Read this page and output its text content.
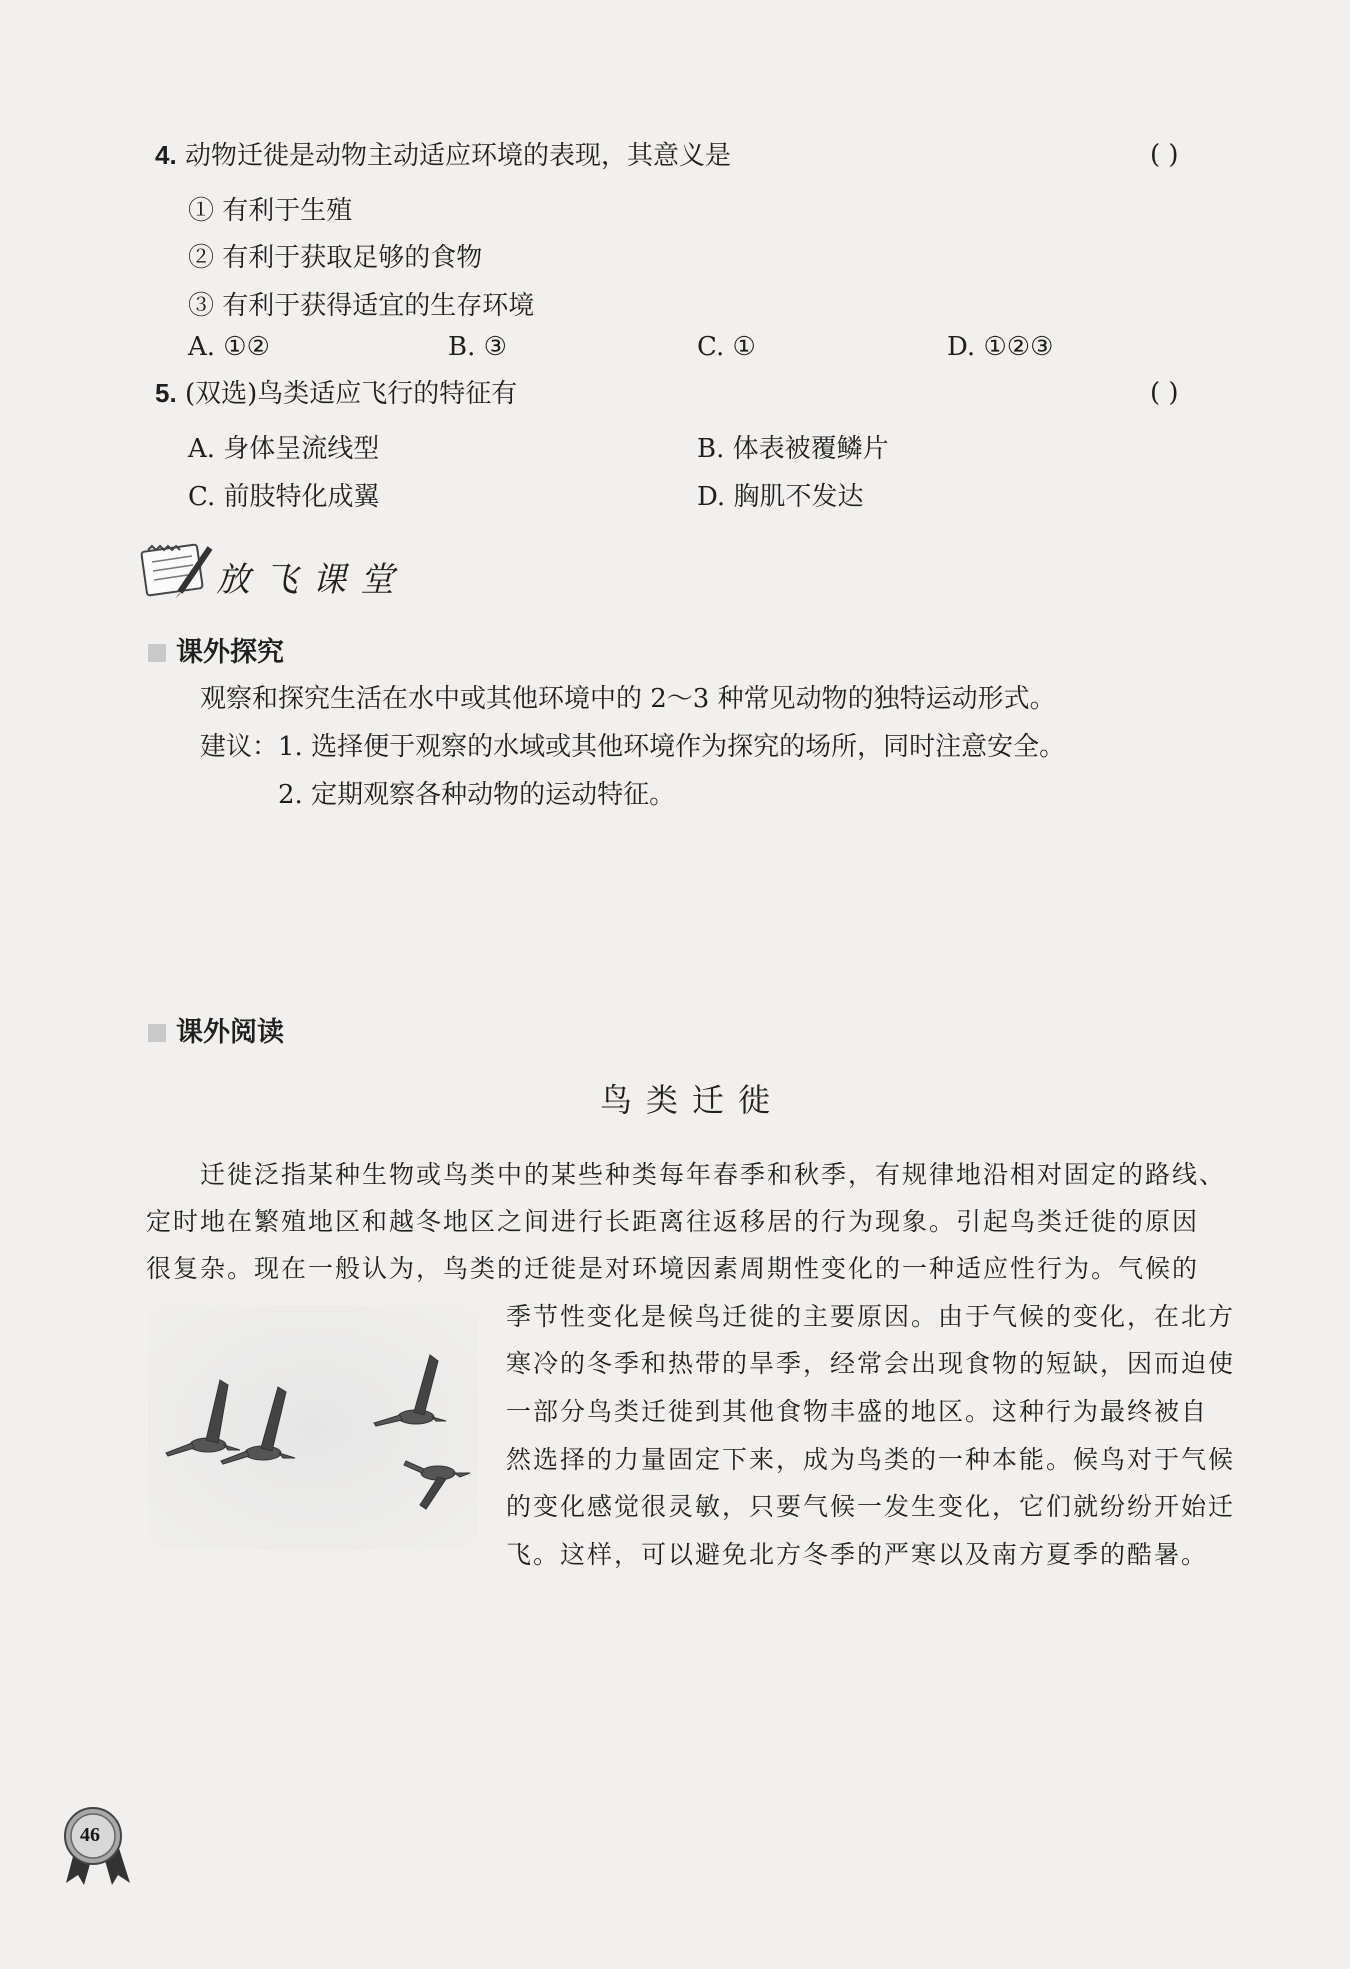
4. 动物迁徙是动物主动适应环境的表现，其意义是	( )
① 有利于生殖
② 有利于获取足够的食物
③ 有利于获得适宜的生存环境
A. ①②	B. ③	C. ①	D. ①②③
5. (双选)鸟类适应飞行的特征有	( )
A. 身体呈流线型	B. 体表被覆鳞片
C. 前肢特化成翼	D. 胸肌不发达
放飞课堂
课外探究
观察和探究生活在水中或其他环境中的 2～3 种常见动物的独特运动形式。
建议：1. 选择便于观察的水域或其他环境作为探究的场所，同时注意安全。
2. 定期观察各种动物的运动特征。
课外阅读
鸟类迁徙
迁徙泛指某种生物或鸟类中的某些种类每年春季和秋季，有规律地沿相对固定的路线、
定时地在繁殖地区和越冬地区之间进行长距离往返移居的行为现象。引起鸟类迁徙的原因
很复杂。现在一般认为，鸟类的迁徙是对环境因素周期性变化的一种适应性行为。气候的
季节性变化是候鸟迁徙的主要原因。由于气候的变化，在北方
寒冷的冬季和热带的旱季，经常会出现食物的短缺，因而迫使
一部分鸟类迁徙到其他食物丰盛的地区。这种行为最终被自
然选择的力量固定下来，成为鸟类的一种本能。候鸟对于气候
的变化感觉很灵敏，只要气候一发生变化，它们就纷纷开始迁
飞。这样，可以避免北方冬季的严寒以及南方夏季的酷暑。
46
